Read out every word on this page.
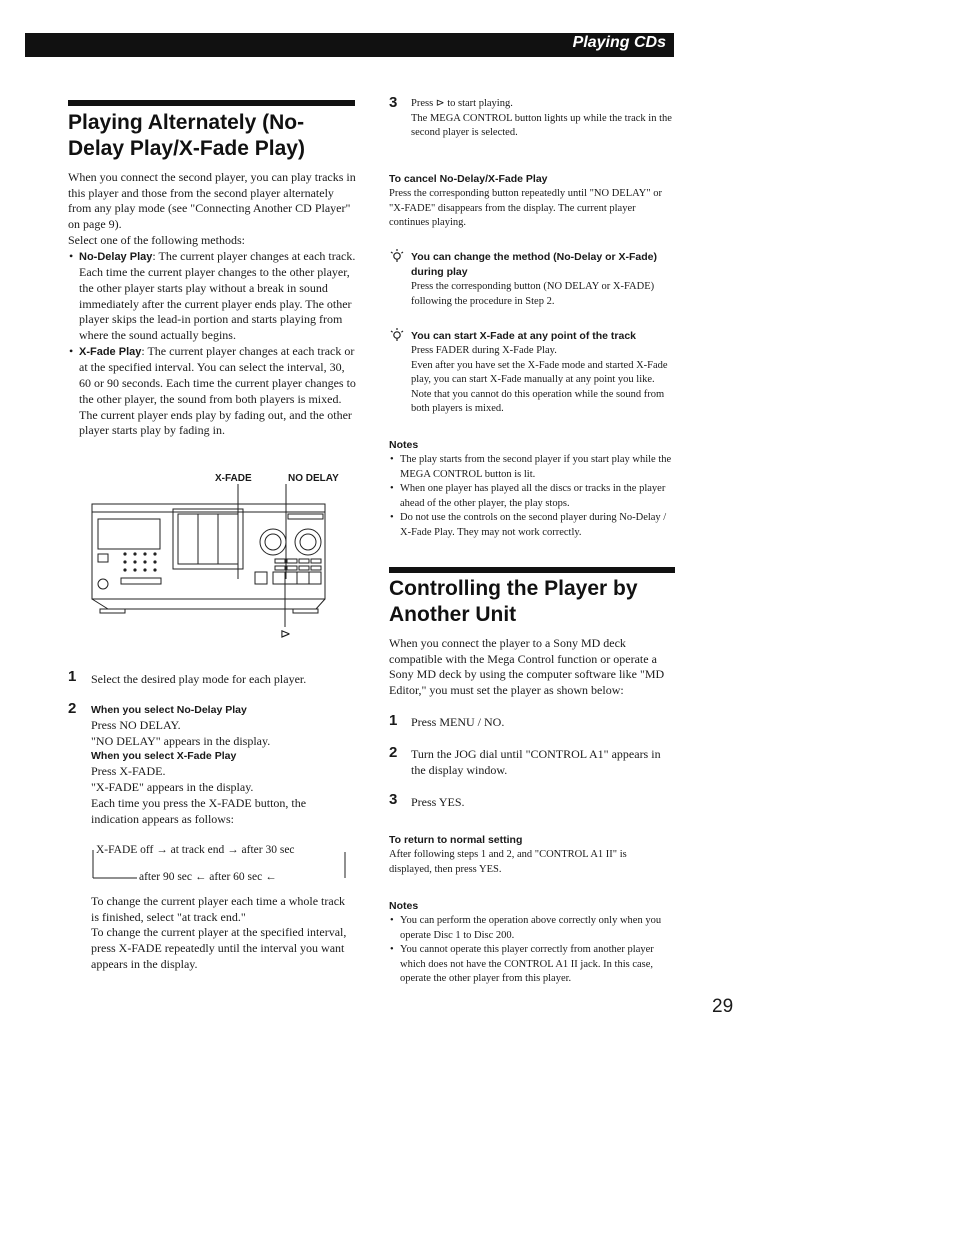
Playing CDs
Playing Alternately (No-Delay Play/X-Fade Play)

When you connect the second player, you can play tracks in this player and those from the second player alternately from any play mode (see "Connecting Another CD Player" on page 9).

Select one of the following methods:

• No-Delay Play: The current player changes at each track. Each time the current player changes to the other player, the other player starts play without a break in sound immediately after the current player ends play. The other player skips the lead-in portion and starts playing from where the sound actually begins.
• X-Fade Play: The current player changes at each track or at the specified interval. You can select the interval, 30, 60 or 90 seconds. Each time the current player changes to the other player, the sound from both players is mixed. The current player ends play by fading out, and the other player starts play by fading in.
X-FADE	NO DELAY
⊳
1 Select the desired play mode for each player.
2 When you select No-Delay Play

Press NO DELAY.

"NO DELAY" appears in the display.

When you select X-Fade Play

Press X-FADE.

"X-FADE" appears in the display.

Each time you press the X-FADE button, the indication appears as follows:

X-FADE off → at track end → after 30 sec
after 90 sec ← after 60 sec ←

To change the current player each time a whole track is finished, select "at track end."

To change the current player at the specified interval, press X-FADE repeatedly until the interval you want appears in the display.

3 Press ⊳ to start playing.

The MEGA CONTROL button lights up while the track in the second player is selected.

To cancel No-Delay/X-Fade Play

Press the corresponding button repeatedly until "NO DELAY" or "X-FADE" disappears from the display. The current player continues playing.

You can change the method (No-Delay or X-Fade) during play

Press the corresponding button (NO DELAY or X-FADE) following the procedure in Step 2.

You can start X-Fade at any point of the track

Press FADER during X-Fade Play.

Even after you have set the X-Fade mode and started X-Fade play, you can start X-Fade manually at any point you like. Note that you cannot do this operation while the sound from both players is mixed.

Notes
• The play starts from the second player if you start play while the MEGA CONTROL button is lit.
• When one player has played all the discs or tracks in the player ahead of the other player, the play stops.
• Do not use the controls on the second player during No-Delay / X-Fade Play. They may not work correctly.
Controlling the Player by Another Unit
When you connect the player to a Sony MD deck compatible with the Mega Control function or operate a Sony MD deck by using the computer software like "MD Editor," you must set the player as shown below:
1 Press MENU / NO.
2 Turn the JOG dial until "CONTROL A1" appears in the display window.
3 Press YES.
To return to normal setting

After following steps 1 and 2, and "CONTROL A1 II" is displayed, then press YES.

Notes
• You can perform the operation above correctly only when you operate Disc 1 to Disc 200.
• You cannot operate this player correctly from another player which does not have the CONTROL A1 II jack. In this case, operate the other player from this player.
29
